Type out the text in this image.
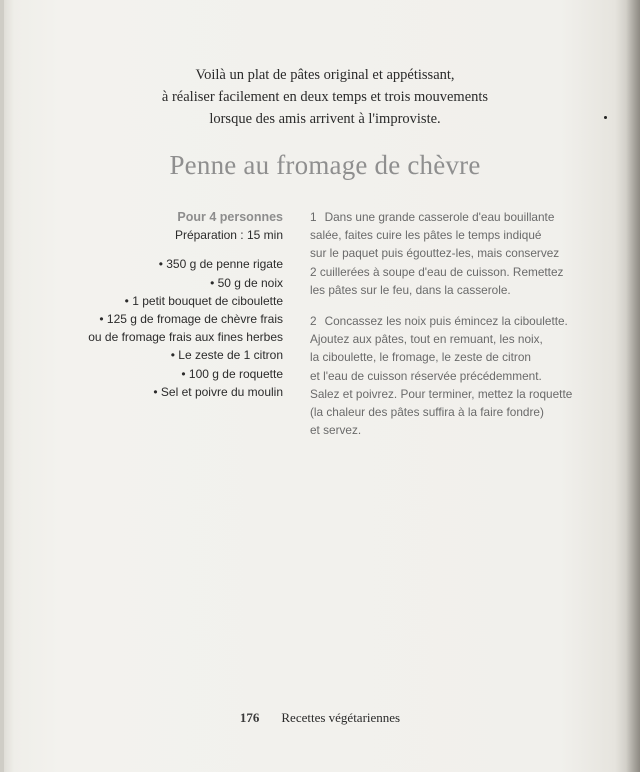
Voilà un plat de pâtes original et appétissant,
à réaliser facilement en deux temps et trois mouvements
lorsque des amis arrivent à l'improviste.
Penne au fromage de chèvre
Pour 4 personnes
Préparation : 15 min
• 350 g de penne rigate
• 50 g de noix
• 1 petit bouquet de ciboulette
• 125 g de fromage de chèvre frais
ou de fromage frais aux fines herbes
• Le zeste de 1 citron
• 100 g de roquette
• Sel et poivre du moulin
1 Dans une grande casserole d'eau bouillante
salée, faites cuire les pâtes le temps indiqué
sur le paquet puis égouttez-les, mais conservez
2 cuillerées à soupe d'eau de cuisson. Remettez
les pâtes sur le feu, dans la casserole.
2 Concassez les noix puis émincez la ciboulette.
Ajoutez aux pâtes, tout en remuant, les noix,
la ciboulette, le fromage, le zeste de citron
et l'eau de cuisson réservée précédemment.
Salez et poivrez. Pour terminer, mettez la roquette
(la chaleur des pâtes suffira à la faire fondre)
et servez.
176 Recettes végétariennes
